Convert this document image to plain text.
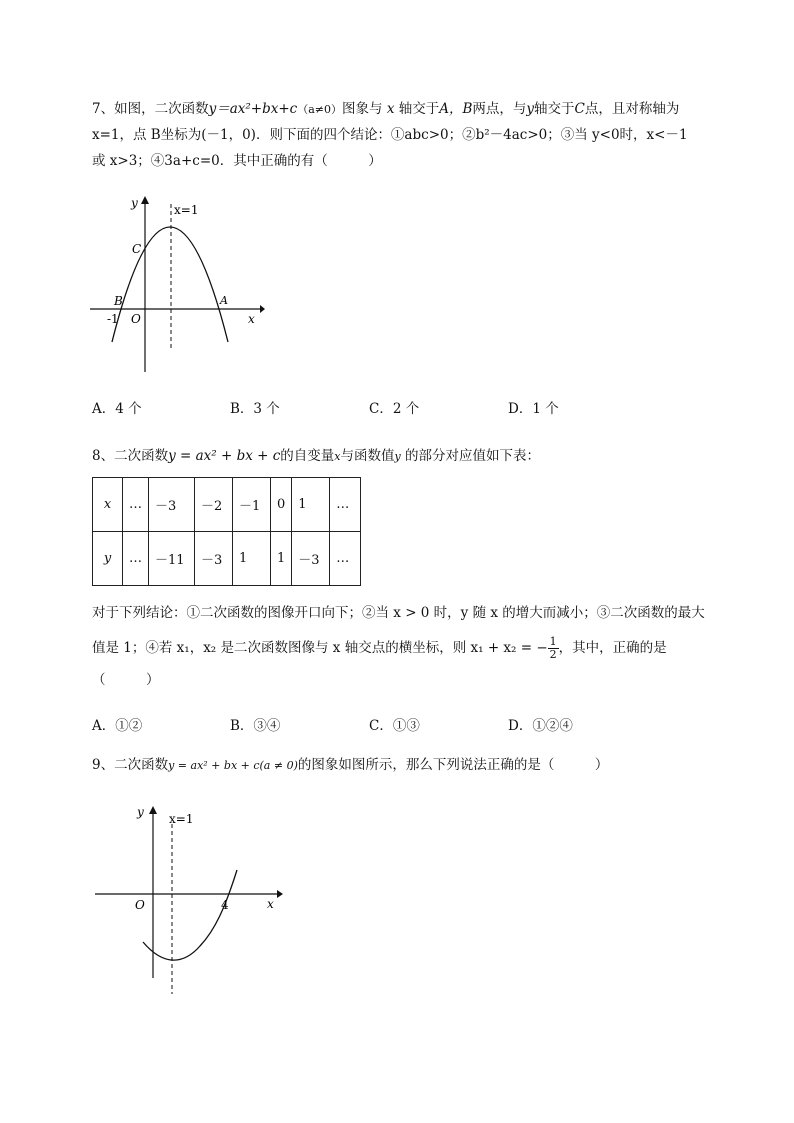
7、如图，二次函数y＝ax²+bx+c（a≠0）图象与 x 轴交于A，B两点，与y轴交于C点，且对称轴为
x=1，点 B坐标为(－1，0)．则下面的四个结论：①abc>0；②b²－4ac>0；③当 y<0时，x<－1
或 x>3；④3a+c=0．其中正确的有（　　　）
y	x=1
C
B	A
-1 O	x
A．4 个	B．3 个	C．2 个	D．1 个
8、二次函数y = ax² + bx + c的自变量x与函数值y 的部分对应值如下表：
x	…	－3	－2	－1	0	1	…
y	…	－11	－3	1	1	－3	…
对于下列结论：①二次函数的图像开口向下；②当 x > 0 时，y 随 x 的增大而减小；③二次函数的最大
值是 1；④若 x₁，x₂ 是二次函数图像与 x 轴交点的横坐标，则 x₁ + x₂ = − $\frac{1}{2}$ ，其中，正确的是
（　　　）
A．①②	B．③④	C．①③	D．①②④
9、二次函数y = ax² + bx + c(a ≠ 0)的图象如图所示，那么下列说法正确的是（　　　）
y x=1
O	4	x
